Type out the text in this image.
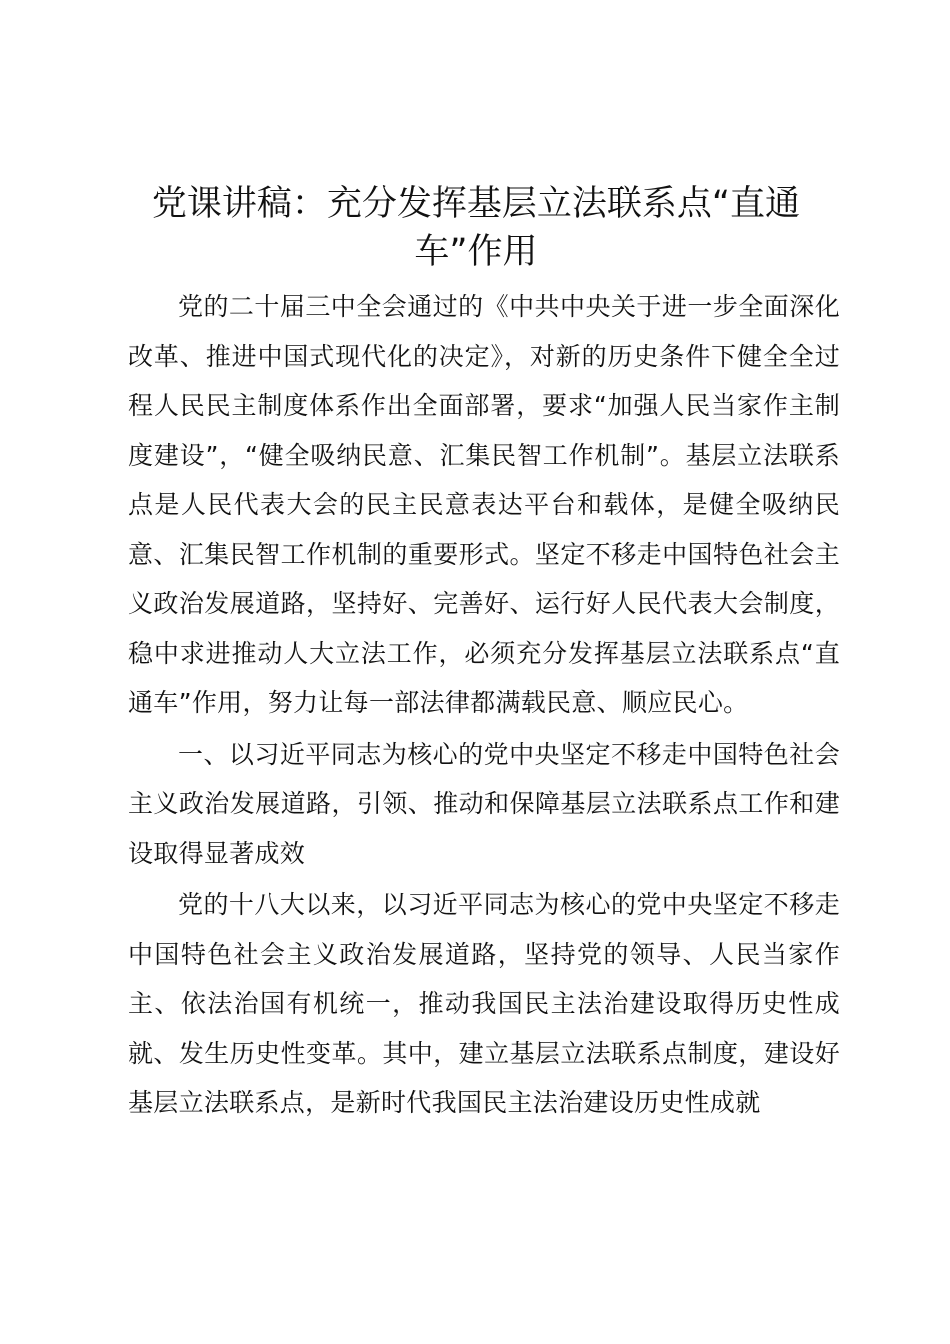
党课讲稿：充分发挥基层立法联系点“直通
车”作用

党的二十届三中全会通过的《中共中央关于进一步全面深化改革、推进中国式现代化的决定》，对新的历史条件下健全全过程人民民主制度体系作出全面部署，要求“加强人民当家作主制度建设”，“健全吸纳民意、汇集民智工作机制”。基层立法联系点是人民代表大会的民主民意表达平台和载体，是健全吸纳民意、汇集民智工作机制的重要形式。坚定不移走中国特色社会主义政治发展道路，坚持好、完善好、运行好人民代表大会制度，稳中求进推动人大立法工作，必须充分发挥基层立法联系点“直通车”作用，努力让每一部法律都满载民意、顺应民心。

一、以习近平同志为核心的党中央坚定不移走中国特色社会主义政治发展道路，引领、推动和保障基层立法联系点工作和建设取得显著成效

党的十八大以来，以习近平同志为核心的党中央坚定不移走中国特色社会主义政治发展道路，坚持党的领导、人民当家作主、依法治国有机统一，推动我国民主法治建设取得历史性成就、发生历史性变革。其中，建立基层立法联系点制度，建设好基层立法联系点，是新时代我国民主法治建设历史性成就
